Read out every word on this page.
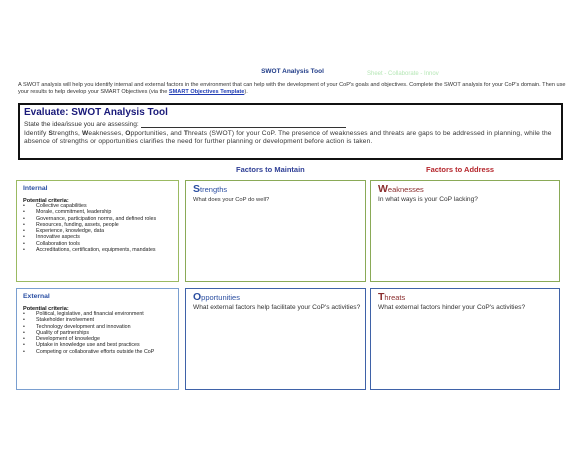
SWOT Analysis Tool	Sheet - Collaborate - Innov
A SWOT analysis will help you identify internal and external factors in the environment that can help with the development of your CoP's goals and objectives. Complete the SWOT analysis for your CoP's domain. Then use your results to help develop your SMART Objectives (via the SMART Objectives Template).
Evaluate: SWOT Analysis Tool
State the idea/issue you are assessing:
Identify Strengths, Weaknesses, Opportunities, and Threats (SWOT) for your CoP. The presence of weaknesses and threats are gaps to be addressed in planning, while the absence of strengths or opportunities clarifies the need for further planning or development before action is taken.
Factors to Maintain	Factors to Address
Internal
Potential criteria:
• Collective capabilities
• Morale, commitment, leadership
• Governance, participation norms, and defined roles
• Resources, funding, assets, people
• Experience, knowledge, data
• Innovative aspects
• Collaboration tools
• Accreditations, certification, equipments, mandates
External
Potential criteria:
• Political, legislative, and financial environment
• Stakeholder involvement
• Technology development and innovation
• Quality of partnerships
• Development of knowledge
• Uptake in knowledge use and best practices
• Competing or collaborative efforts outside the CoP
Strengths
What does your CoP do well?
Weaknesses
In what ways is your CoP lacking?
Opportunities
What external factors help facilitate your CoP's activities?
Threats
What external factors hinder your CoP's activities?
